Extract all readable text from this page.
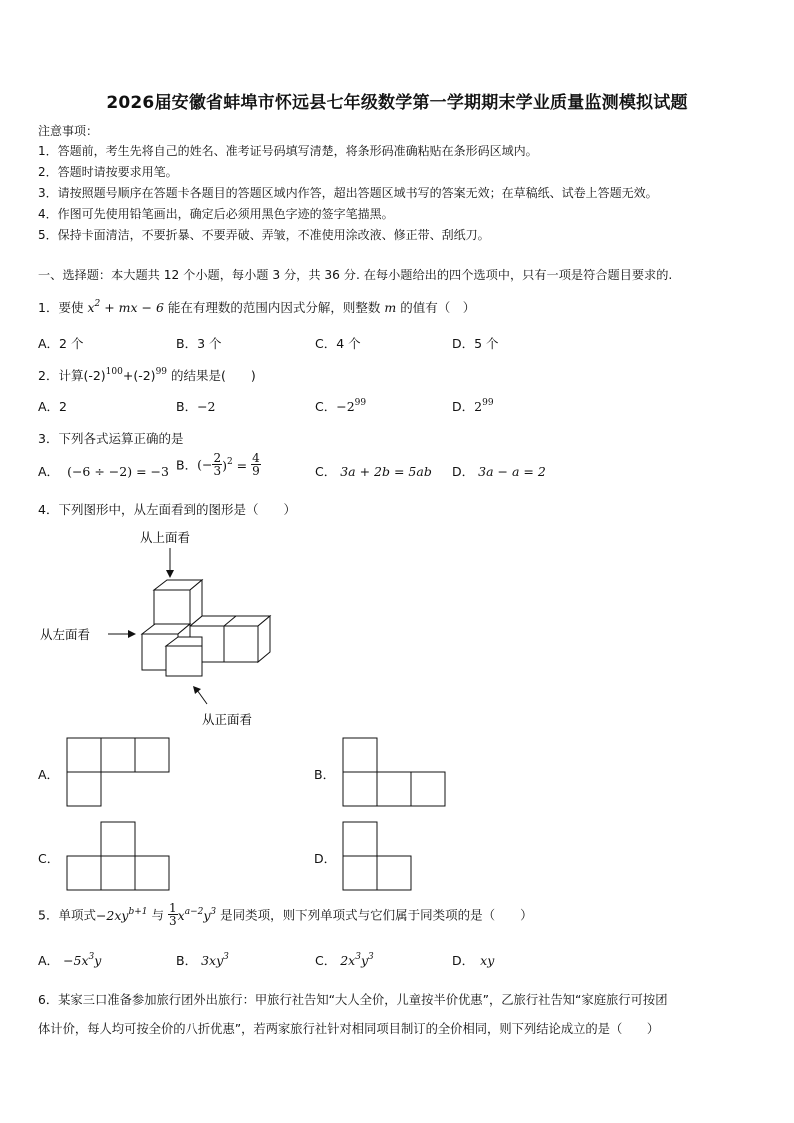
2026届安徽省蚌埠市怀远县七年级数学第一学期期末学业质量监测模拟试题
注意事项：
1．答题前，考生先将自己的姓名、准考证号码填写清楚，将条形码准确粘贴在条形码区域内。
2．答题时请按要求用笔。
3．请按照题号顺序在答题卡各题目的答题区域内作答，超出答题区域书写的答案无效；在草稿纸、试卷上答题无效。
4．作图可先使用铅笔画出，确定后必须用黑色字迹的签字笔描黑。
5．保持卡面清洁，不要折暴、不要弄破、弄皱，不准使用涂改液、修正带、刮纸刀。
一、选择题：本大题共 12 个小题，每小题 3 分，共 36 分. 在每小题给出的四个选项中，只有一项是符合题目要求的.
1．要使 $x^2$ + mx − 6 能在有理数的范围内因式分解，则整数 m 的值有（　）
A．2 个	B．3 个	C．4 个	D．5 个
2．计算$(-2)^{100}+(-2)^{99}$ 的结果是(　　)
A．2	B．−2	C．$-2^{99}$	D．$2^{99}$
3．下列各式运算正确的是
A． (−6 ÷ −2) = −3 B．(− $\frac{2}{3} )^2 = \frac{4}{9}$	C． 3a + 2b = 5ab D． 3a − a = 2
4．下列图形中，从左面看到的图形是（　　）
从上面看
从左面看
从正面看
A．	B．
C．	D．
5．单项式$-2xy^{b+1}$ 与 $\frac{1}{3} x^{a-2}y^3$ 是同类项，则下列单项式与它们属于同类项的是（　　）
A． $-5x^3y$	B． $3xy^3$	C． $2x^3y^3$	D． xy
6．某家三口准备参加旅行团外出旅行：甲旅行社告知“大人全价，儿童按半价优惠”，乙旅行社告知“家庭旅行可按团
体计价，每人均可按全价的八折优惠”，若两家旅行社针对相同项目制订的全价相同，则下列结论成立的是（　　）
